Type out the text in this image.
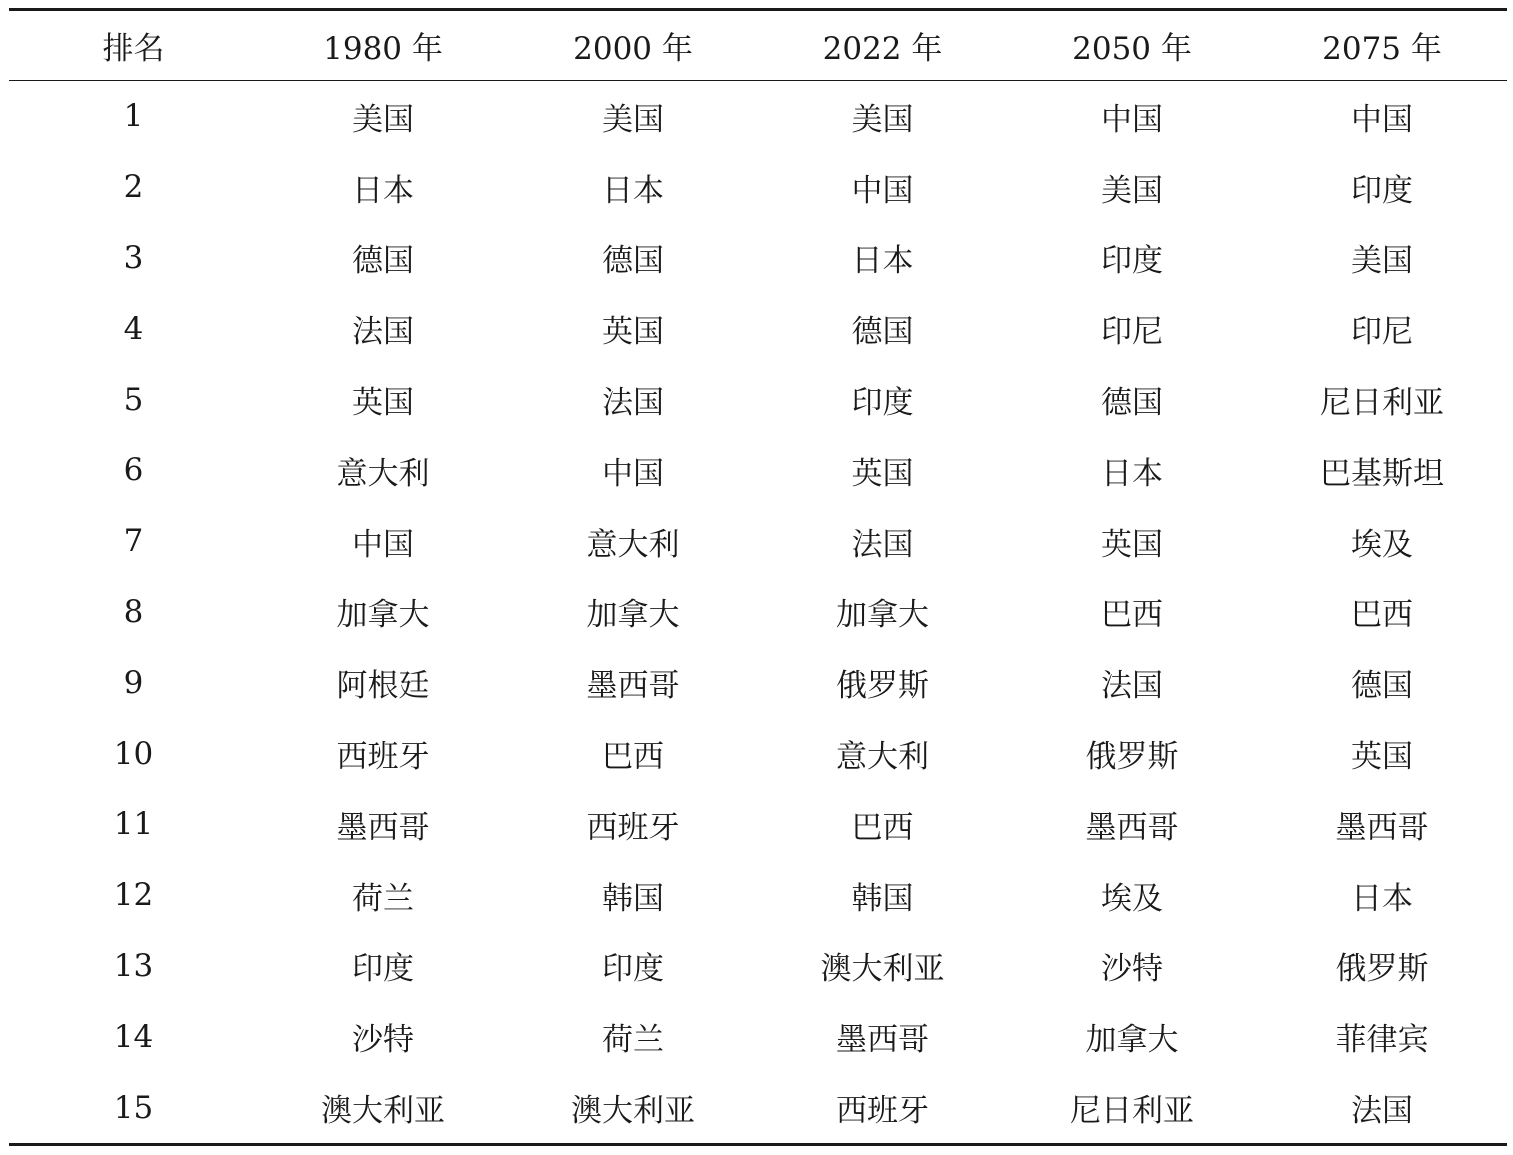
排名	1980 年	2000 年	2022 年	2050 年	2075 年
1	美国	美国	美国	中国	中国
2	日本	日本	中国	美国	印度
3	德国	德国	日本	印度	美国
4	法国	英国	德国	印尼	印尼
5	英国	法国	印度	德国	尼日利亚
6	意大利	中国	英国	日本	巴基斯坦
7	中国	意大利	法国	英国	埃及
8	加拿大	加拿大	加拿大	巴西	巴西
9	阿根廷	墨西哥	俄罗斯	法国	德国
10	西班牙	巴西	意大利	俄罗斯	英国
11	墨西哥	西班牙	巴西	墨西哥	墨西哥
12	荷兰	韩国	韩国	埃及	日本
13	印度	印度	澳大利亚	沙特	俄罗斯
14	沙特	荷兰	墨西哥	加拿大	菲律宾
15	澳大利亚	澳大利亚	西班牙	尼日利亚	法国
